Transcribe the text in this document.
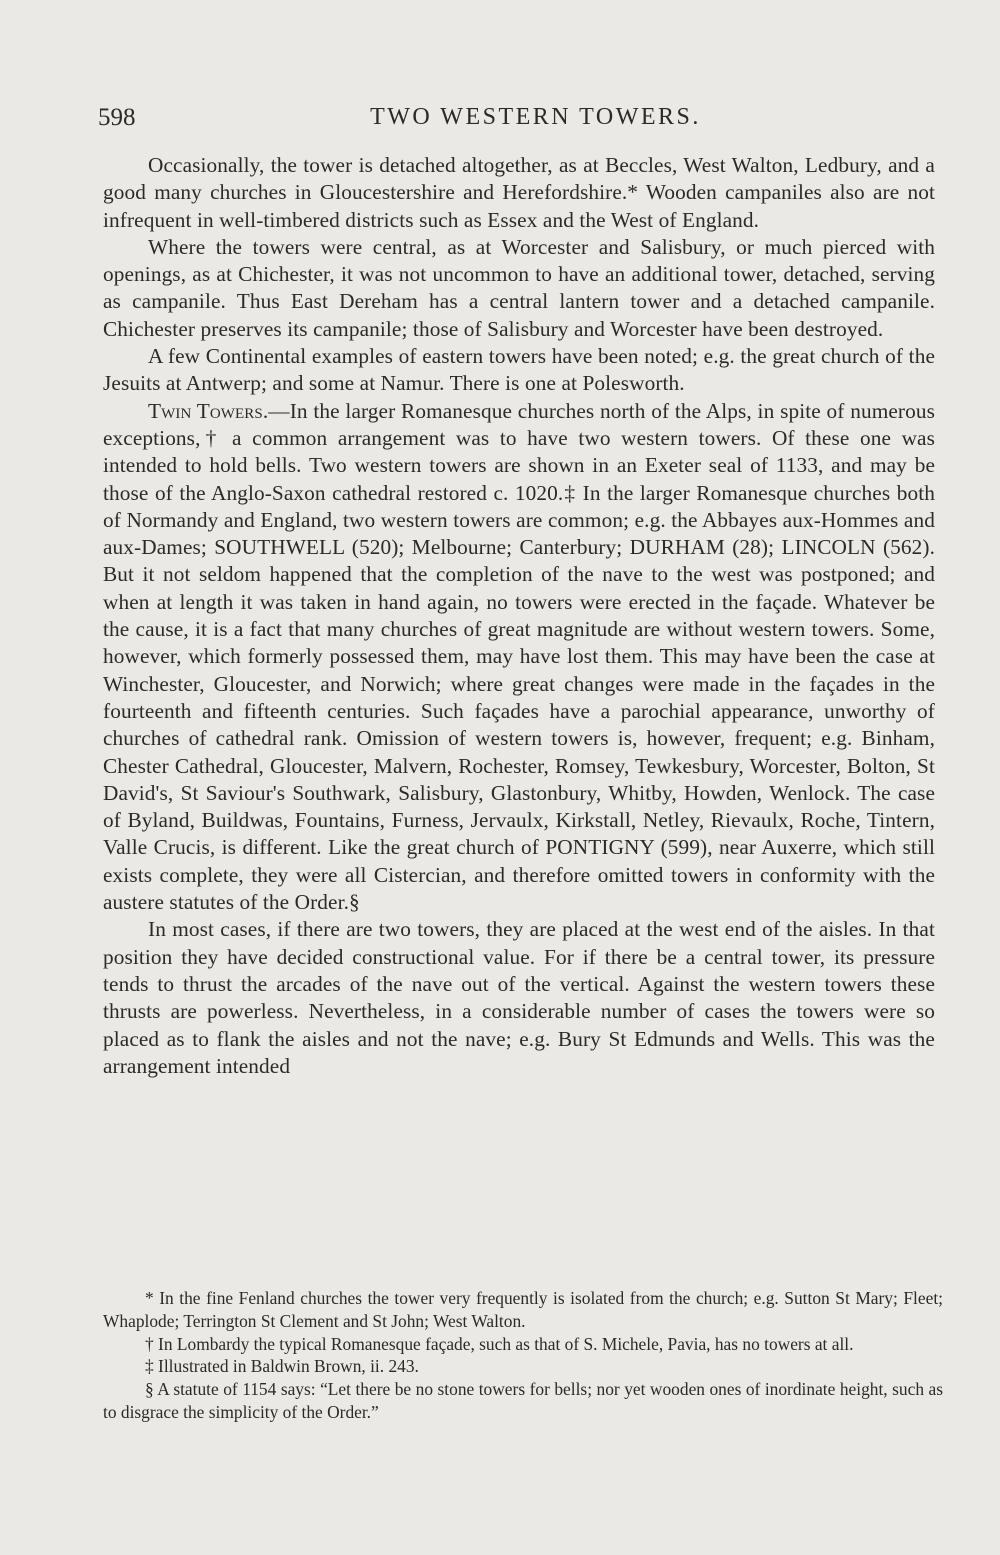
598	TWO WESTERN TOWERS.

Occasionally, the tower is detached altogether, as at Beccles, West Walton, Ledbury, and a good many churches in Gloucestershire and Herefordshire.* Wooden campaniles also are not infrequent in well-timbered districts such as Essex and the West of England.

Where the towers were central, as at Worcester and Salisbury, or much pierced with openings, as at Chichester, it was not uncommon to have an additional tower, detached, serving as campanile. Thus East Dereham has a central lantern tower and a detached campanile. Chichester preserves its campanile; those of Salisbury and Worcester have been destroyed.

A few Continental examples of eastern towers have been noted; e.g. the great church of the Jesuits at Antwerp; and some at Namur. There is one at Polesworth.

Twin Towers.—In the larger Romanesque churches north of the Alps, in spite of numerous exceptions,† a common arrangement was to have two western towers. Of these one was intended to hold bells. Two western towers are shown in an Exeter seal of 1133, and may be those of the Anglo-Saxon cathedral restored c. 1020.‡ In the larger Romanesque churches both of Normandy and England, two western towers are common; e.g. the Abbayes aux-Hommes and aux-Dames; SOUTHWELL (520); Melbourne; Canterbury; DURHAM (28); LINCOLN (562). But it not seldom happened that the completion of the nave to the west was postponed; and when at length it was taken in hand again, no towers were erected in the façade. Whatever be the cause, it is a fact that many churches of great magnitude are without western towers. Some, however, which formerly possessed them, may have lost them. This may have been the case at Winchester, Gloucester, and Norwich; where great changes were made in the façades in the fourteenth and fifteenth centuries. Such façades have a parochial appearance, unworthy of churches of cathedral rank. Omission of western towers is, however, frequent; e.g. Binham, Chester Cathedral, Gloucester, Malvern, Rochester, Romsey, Tewkesbury, Worcester, Bolton, St David's, St Saviour's Southwark, Salisbury, Glastonbury, Whitby, Howden, Wenlock. The case of Byland, Buildwas, Fountains, Furness, Jervaulx, Kirkstall, Netley, Rievaulx, Roche, Tintern, Valle Crucis, is different. Like the great church of PONTIGNY (599), near Auxerre, which still exists complete, they were all Cistercian, and therefore omitted towers in conformity with the austere statutes of the Order.§

In most cases, if there are two towers, they are placed at the west end of the aisles. In that position they have decided constructional value. For if there be a central tower, its pressure tends to thrust the arcades of the nave out of the vertical. Against the western towers these thrusts are powerless. Nevertheless, in a considerable number of cases the towers were so placed as to flank the aisles and not the nave; e.g. Bury St Edmunds and Wells. This was the arrangement intended

* In the fine Fenland churches the tower very frequently is isolated from the church; e.g. Sutton St Mary; Fleet; Whaplode; Terrington St Clement and St John; West Walton.

† In Lombardy the typical Romanesque façade, such as that of S. Michele, Pavia, has no towers at all.

‡ Illustrated in Baldwin Brown, ii. 243.

§ A statute of 1154 says: “Let there be no stone towers for bells; nor yet wooden ones of inordinate height, such as to disgrace the simplicity of the Order.”
